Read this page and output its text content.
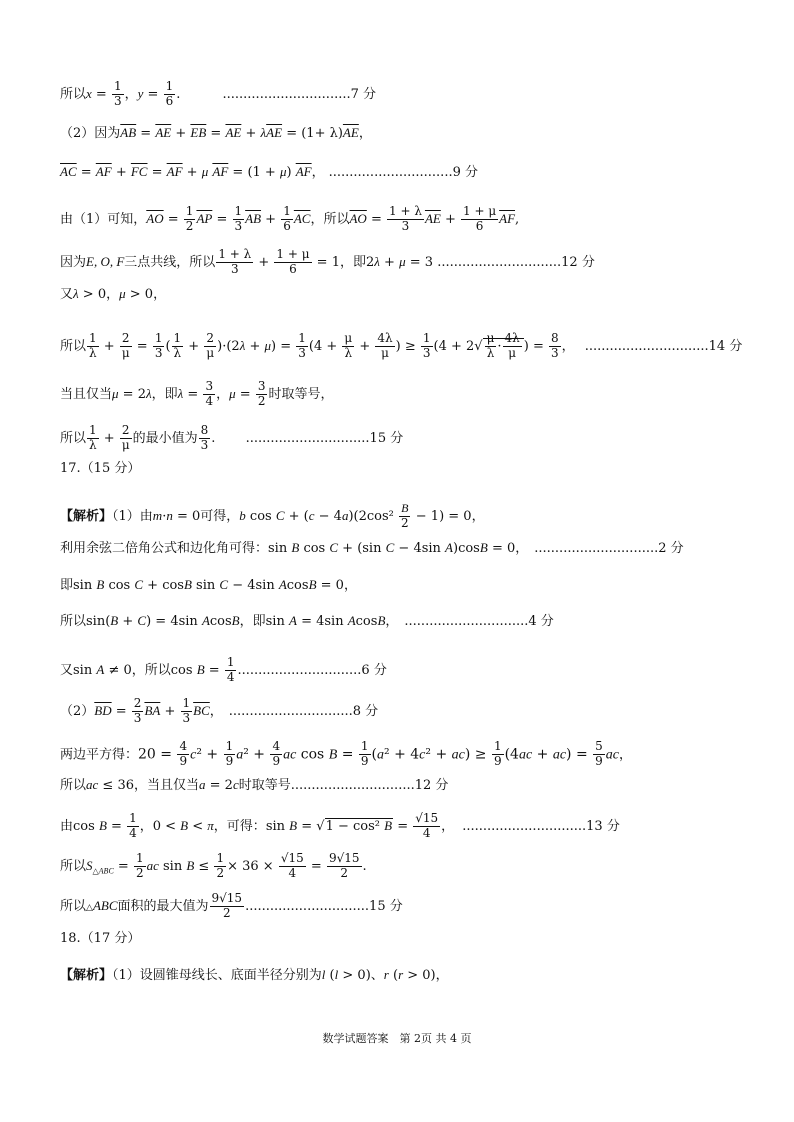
所以$x = \frac{1}{3}$ ，$y = \frac{1}{6}$ .	...............................7 分
（2）因为$\overline{AB} = \overline{AE} + \overline{EB} = \overline{AE} + \lambda\overline{AE} = (1+ \lambda)\overline{AE}$，
$\overline{AC} = \overline{AF} + \overline{FC} = \overline{AF} + \mu$ $\overline{AF} = (1 + \mu)$ $\overline{AF}$， ..............................9 分
由（1）可知，$\overline{AO} = \frac{1}{2} \overline{AP} = \frac{1}{3} \overline{AB} + \frac{1}{6} \overline{AC}$，所以$\overline{AO} = \frac{1 + \lambda}{3} \overline{AE} + \frac{1 + \mu}{6} \overline{AF}$,
因为E, O, F三点共线，所以 $\frac{1 + \lambda}{3} + \frac{1 + \mu}{6} = 1$，即2λ + μ = 3 ..............................12 分
又λ > 0，μ > 0，
所以 $\frac{1}{\lambda} + \frac{2}{\mu} = \frac{1}{3}$ ( $\frac{1}{\lambda} + \frac{2}{\mu} )\cdot(2\lambda + \mu) = \frac{1}{3} (4 + \frac{\mu}{\lambda} + \frac{4\lambda}{\mu}$ ) ≥ $\frac{1}{3} (4 + 2√ \frac{\mu}{\lambda} \cdot \frac{4\lambda}{\mu}$ ) = $\frac{8}{3}$ ， ..............................14 分
当且仅当μ = 2λ，即$\lambda = \frac{3}{4}$ ，$\mu = \frac{3}{2}$ 时取等号，
所以 $\frac{1}{\lambda} + \frac{2}{\mu}$ 的最小值为 $\frac{8}{3}$ . ..............................15 分
17.（15 分）
【解析】（1）由m·n = 0可得，b $\cos C + (c - 4a)(2\cos^2 \frac{B}{2} - 1) = 0$，
利用余弦二倍角公式和边化角可得：sin B cos C + (sin C − 4sin A)cosB = 0， ..............................2 分
即sin B cos C + cosB sin C − 4sin AcosB = 0，
所以sin(B + C) = 4sin AcosB，即sin A = 4sin AcosB， ..............................4 分
又sin A ≠ 0，所以$\cos B = \frac{1}{4} ..............................6$ 分
$(2)\overline{BD} = \frac{2}{3} \overline{BA} + \frac{1}{3} \overline{BC}$， ..............................8 分
两边平方得：$20 = \frac{4}{9} c^2 + \frac{1}{9} a^2 + \frac{4}{9}$ ac $\cos B = \frac{1}{9} (a^2 + 4c^2 + ac) \ge \frac{1}{9} (4ac + ac) = \frac{5}{9}$ ac，
所以ac ≤ 36，当且仅当a = 2c时取等号..............................12 分
由$\cos B = \frac{1}{4}$ ，0 < B < π，可得：sin B = √1 − cos² $B = \frac{√15}{4}$ ， ..............................13 分
所以$S_{\triangle ABC} = \frac{1}{2}$ ac $\sin B \le \frac{1}{2} \times 36 \times \frac{√15}{4} = \frac{9√15}{2}$ .
所以△ABC面积的最大值为 $\frac{9√15}{2} ..............................15$ 分
18.（17 分）
【解析】（1）设圆锥母线长、底面半径分别为l (l > 0)、r (r > 0)，
数学试题答案　第 2页 共 4 页
